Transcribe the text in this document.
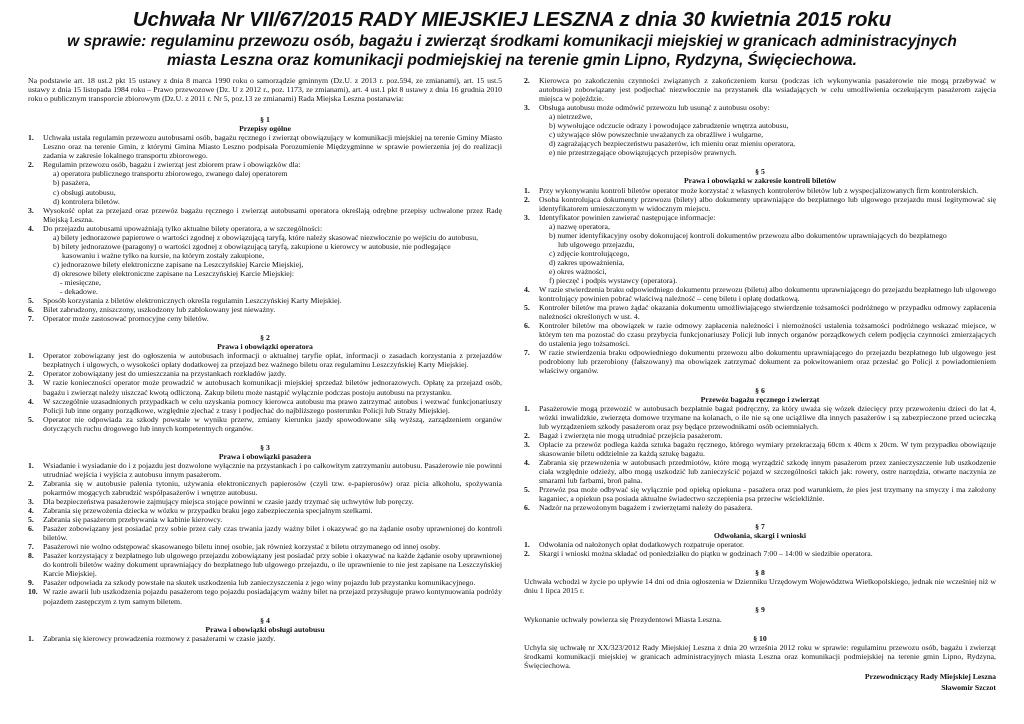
Uchwała Nr VII/67/2015 RADY MIEJSKIEJ LESZNA z dnia 30 kwietnia 2015 roku
w sprawie: regulaminu przewozu osób, bagażu i zwierząt środkami komunikacji miejskiej w granicach administracyjnych
miasta Leszna oraz komunikacji podmiejskiej na terenie gmin Lipno, Rydzyna, Święciechowa.

Na podstawie art. 18 ust.2 pkt 15 ustawy z dnia 8 marca 1990 roku o samorządzie gminnym (Dz.U. z 2013 r. poz.594, ze zmianami), art. 15 ust.5 ustawy z dnia 15 listopada 1984 roku – Prawo przewozowe (Dz. U z 2012 r., poz. 1173, ze zmianami), art. 4 ust.1 pkt 8 ustawy z dnia 16 grudnia 2010 roku o publicznym transporcie zbiorowym (Dz.U. z 2011 r. Nr 5, poz.13 ze zmianami) Rada Miejska Leszna postanawia:

§ 1
Przepisy ogólne
1.	Uchwała ustala regulamin przewozu autobusami osób, bagażu ręcznego i zwierząt obowiązujący w komunikacji miejskiej na terenie Gminy Miasto Leszno oraz na terenie Gmin, z którymi Gmina Miasto Leszno podpisała Porozumienie Międzygminne w sprawie powierzenia jej do realizacji zadania w zakresie lokalnego transportu zbiorowego.
2.	Regulamin przewozu osób, bagażu i zwierząt jest zbiorem praw i obowiązków dla:
a) operatora publicznego transportu zbiorowego, zwanego dalej operatorem
b) pasażera,
c) obsługi autobusu,
d) kontrolera biletów.
3.	Wysokość opłat za przejazd oraz przewóz bagażu ręcznego i zwierząt autobusami operatora określają odrębne przepisy uchwalone przez Radę Miejską Leszna.
4.	Do przejazdu autobusami upoważniają tylko aktualne bilety operatora, a w szczególności:
a) bilety jednorazowe papierowe o wartości zgodnej z obowiązującą taryfą, które należy skasować niezwłocznie po wejściu do autobusu,
b) bilety jednorazowe (paragony) o wartości zgodnej z obowiązującą taryfą, zakupione u kierowcy w autobusie, nie podlegające
kasowaniu i ważne tylko na kursie, na którym zostały zakupione,
c) jednorazowe bilety elektroniczne zapisane na Leszczyńskiej Karcie Miejskiej,
d) okresowe bilety elektroniczne zapisane na Leszczyńskiej Karcie Miejskiej:
- miesięczne,
- dekadowe.
5.	Sposób korzystania z biletów elektronicznych określa regulamin Leszczyńskiej Karty Miejskiej.
6.	Bilet zabrudzony, zniszczony, uszkodzony lub zablokowany jest nieważny.
7.	Operator może zastosować promocyjne ceny biletów.
§ 2
Prawa i obowiązki operatora
1.	Operator zobowiązany jest do ogłoszenia w autobusach informacji o aktualnej taryfie opłat, informacji o zasadach korzystania z przejazdów bezpłatnych i ulgowych, o wysokości opłaty dodatkowej za przejazd bez ważnego biletu oraz regulaminu Leszczyńskiej Karty Miejskiej.
2.	Operator zobowiązany jest do umieszczania na przystankach rozkładów jazdy.
3.	W razie konieczności operator może prowadzić w autobusach komunikacji miejskiej sprzedaż biletów jednorazowych. Opłatę za przejazd osób, bagażu i zwierząt należy uiszczać kwotą odliczoną. Zakup biletu może nastąpić wyłącznie podczas postoju autobusu na przystanku.
4.	W szczególnie uzasadnionych przypadkach w celu uzyskania pomocy kierowca autobusu ma prawo zatrzymać autobus i wezwać funkcjonariuszy Policji lub inne organy porządkowe, względnie zjechać z trasy i podjechać do najbliższego posterunku Policji lub Straży Miejskiej.
5.	Operator nie odpowiada za szkody powstałe w wyniku przerw, zmiany kierunku jazdy spowodowane siłą wyższą, zarządzeniem organów dotyczących ruchu drogowego lub innych kompetentnych organów.
§ 3
Prawa i obowiązki pasażera
1.	Wsiadanie i wysiadanie do i z pojazdu jest dozwolone wyłącznie na przystankach i po całkowitym zatrzymaniu autobusu. Pasażerowie nie powinni utrudniać wejścia i wyjścia z autobusu innym pasażerom.
2.	Zabrania się w autobusie palenia tytoniu, używania elektronicznych papierosów (czyli tzw. e-papierosów) oraz picia alkoholu, spożywania pokarmów mogących zabrudzić współpasażerów i wnętrze autobusu.
3.	Dla bezpieczeństwa pasażerowie zajmujący miejsca stojące powinni w czasie jazdy trzymać się uchwytów lub poręczy.
4.	Zabrania się przewożenia dziecka w wózku w przypadku braku jego zabezpieczenia specjalnym szelkami.
5.	Zabrania się pasażerom przebywania w kabinie kierowcy.
6.	Pasażer zobowiązany jest posiadać przy sobie przez cały czas trwania jazdy ważny bilet i okazywać go na żądanie osoby uprawnionej do kontroli biletów.
7.	Pasażerowi nie wolno odstępować skasowanego biletu innej osobie, jak również korzystać z biletu otrzymanego od innej osoby.
8.	Pasażer korzystający z bezpłatnego lub ulgowego przejazdu zobowiązany jest posiadać przy sobie i okazywać na każde żądanie osoby uprawnionej do kontroli biletów ważny dokument uprawniający do bezpłatnego lub ulgowego przejazdu, o ile uprawnienie to nie jest zapisane na Leszczyńskiej Karcie Miejskiej.
9.	Pasażer odpowiada za szkody powstałe na skutek uszkodzenia lub zanieczyszczenia z jego winy pojazdu lub przystanku komunikacyjnego.
10. W razie awarii lub uszkodzenia pojazdu pasażerom tego pojazdu posiadającym ważny bilet na przejazd przysługuje prawo kontynuowania podróży pojazdem zastępczym z tym samym biletem.
§ 4
Prawa i obowiązki obsługi autobusu
1.	Zabrania się kierowcy prowadzenia rozmowy z pasażerami w czasie jazdy.
2.	Kierowca po zakończeniu czynności związanych z zakończeniem kursu (podczas ich wykonywania pasażerowie nie mogą przebywać w autobusie) zobowiązany jest podjechać niezwłocznie na przystanek dla wsiadających w celu umożliwienia oczekującym pasażerom zajęcia miejsca w pojeździe.
3.	Obsługa autobusu może odmówić przewozu lub usunąć z autobusu osoby:
a) nietrzeźwe,
b) wywołujące odczucie odrazy i powodujące zabrudzenie wnętrza autobusu,
c) używające słów powszechnie uważanych za obraźliwe i wulgarne,
d) zagrażających bezpieczeństwu pasażerów, ich mieniu oraz mieniu operatora,
e) nie przestrzegające obowiązujących przepisów prawnych.
§ 5
Prawa i obowiązki w zakresie kontroli biletów
1.	Przy wykonywaniu kontroli biletów operator może korzystać z własnych kontrolerów biletów lub z wyspecjalizowanych firm kontrolerskich.
2.	Osoba kontrolująca dokumenty przewozu (bilety) albo dokumenty uprawniające do bezpłatnego lub ulgowego przejazdu musi legitymować się identyfikatorem umieszczonym w widocznym miejscu.
3.	Identyfikator powinien zawierać następujące informacje:
a) nazwę operatora,
b) numer identyfikacyjny osoby dokonującej kontroli dokumentów przewozu albo dokumentów uprawniających do bezpłatnego
lub ulgowego przejazdu,
c) zdjęcie kontrolującego,
d) zakres upoważnienia,
e) okres ważności,
f) pieczęć i podpis wystawcy (operatora).
4.	W razie stwierdzenia braku odpowiedniego dokumentu przewozu (biletu) albo dokumentu uprawniającego do przejazdu bezpłatnego lub ulgowego kontrolujący powinien pobrać właściwą należność – cenę biletu i opłatę dodatkową.
5.	Kontroler biletów ma prawo żądać okazania dokumentu umożliwiającego stwierdzenie tożsamości podróżnego w przypadku odmowy zapłacenia należności określonych w ust. 4.
6.	Kontroler biletów ma obowiązek w razie odmowy zapłacenia należności i niemożności ustalenia tożsamości podróżnego wskazać miejsce, w którym ten ma pozostać do czasu przybycia funkcjonariuszy Policji lub innych organów porządkowych celem podjęcia czynności zmierzających do ustalenia jego tożsamości.
7.	W razie stwierdzenia braku odpowiedniego dokumentu przewozu albo dokumentu uprawniającego do przejazdu bezpłatnego lub ulgowego jest podrobiony lub przerobiony (fałszowany) ma obowiązek zatrzymać dokument za pokwitowaniem oraz przesłać go Policji z powiadomieniem właściwy organów.
§ 6
Przewóz bagażu ręcznego i zwierząt
1.	Pasażerowie mogą przewozić w autobusach bezpłatnie bagaż podręczny, za który uważa się wózek dziecięcy przy przewożeniu dzieci do lat 4, wózki inwalidzkie, zwierzęta domowe trzymane na kolanach, o ile nie są one uciążliwe dla innych pasażerów i są zabezpieczone przed ucieczką lub wyrządzeniem szkody pasażerom oraz psy będące przewodnikami osób ociemniałych.
2.	Bagaż i zwierzęta nie mogą utrudniać przejścia pasażerom.
3.	Opłacie za przewóz podlega każda sztuka bagażu ręcznego, którego wymiary przekraczają 60cm x 40cm x 20cm. W tym przypadku obowiązuje skasowanie biletu oddzielnie za każdą sztukę bagażu.
4.	Zabrania się przewożenia w autobusach przedmiotów, które mogą wyrządzić szkodę innym pasażerom przez zanieczyszczenie lub uszkodzenie ciała względnie odzieży, albo mogą uszkodzić lub zanieczyścić pojazd w szczególności takich jak: rowery, ostre narzędzia, otwarte naczynia ze smarami lub farbami, broń palna.
5.	Przewóz psa może odbywać się wyłącznie pod opieką opiekuna - pasażera oraz pod warunkiem, że pies jest trzymany na smyczy i ma założony kaganiec, a opiekun psa posiada aktualne świadectwo szczepienia psa przeciw wściekliźnie.
6.	Nadzór na przewożonym bagażem i zwierzętami należy do pasażera.
§ 7
Odwołania, skargi i wnioski
1.	Odwołania od nałożonych opłat dodatkowych rozpatruje operator.
2.	Skargi i wnioski można składać od poniedziałku do piątku w godzinach 7:00 – 14:00 w siedzibie operatora.
§ 8

Uchwała wchodzi w życie po upływie 14 dni od dnia ogłoszenia w Dzienniku Urzędowym Województwa Wielkopolskiego, jednak nie wcześniej niż w dniu 1 lipca 2015 r.

§ 9

Wykonanie uchwały powierza się Prezydentowi Miasta Leszna.

§ 10

Uchyla się uchwałę nr XX/323/2012 Rady Miejskiej Leszna z dnia 20 września 2012 roku w sprawie: regulaminu przewozu osób, bagażu i zwierząt środkami komunikacji miejskiej w granicach administracyjnych miasta Leszna oraz komunikacji podmiejskiej na terenie gmin Lipno, Rydzyna, Święciechowa.

Przewodniczący Rady Miejskiej Leszna
Sławomir Szczot
